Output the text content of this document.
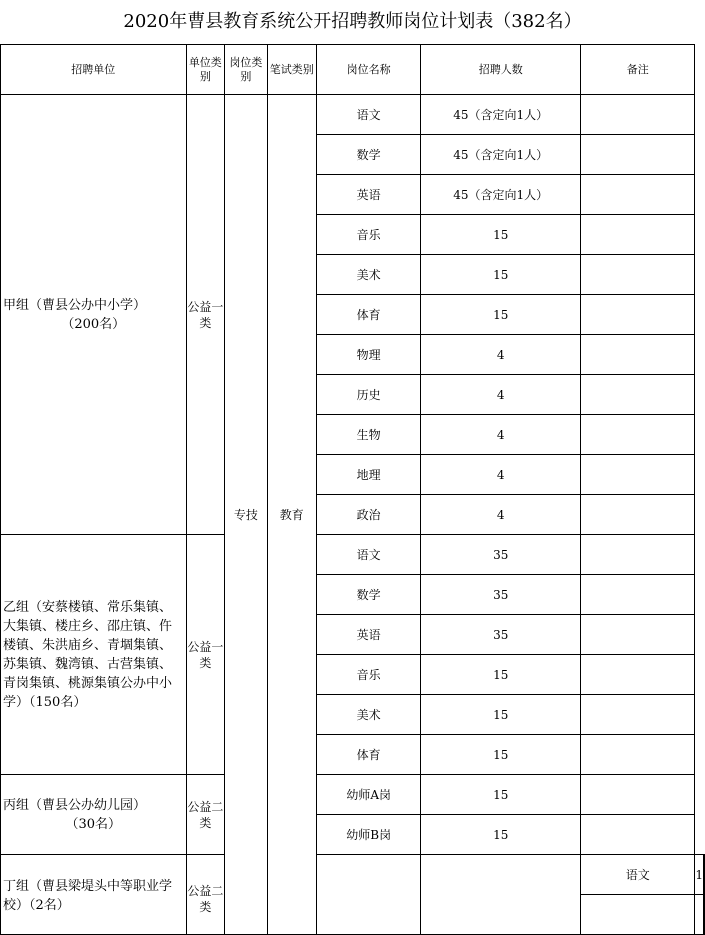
2020年曹县教育系统公开招聘教师岗位计划表（382名）
招聘单位	单位类别	岗位类别	笔试类别	岗位名称	招聘人数	备注		

甲组（曹县公办中小学）
（200名）	公益一类	专技	教育	语文	45（含定向1人）			
				数学	45（含定向1人）			
				英语	45（含定向1人）			
				音乐	15			
				美术	15			
				体育	15			
				物理	4			
				历史	4			
				生物	4			
				地理	4			
				政治	4			
乙组（安蔡楼镇、常乐集镇、大集镇、楼庄乡、邵庄镇、仵楼镇、朱洪庙乡、青堌集镇、苏集镇、魏湾镇、古营集镇、青岗集镇、桃源集镇公办中小学）（150名）	公益一类			语文	35			
				数学	35			
				英语	35			
				音乐	15			
				美术	15			
				体育	15			

丙组（曹县公办幼儿园）
（30名）	公益二类			幼师A岗	15			
				幼师B岗	15			
丁组（曹县梁堤头中等职业学校）（2名）	公益二类					语文	1	
